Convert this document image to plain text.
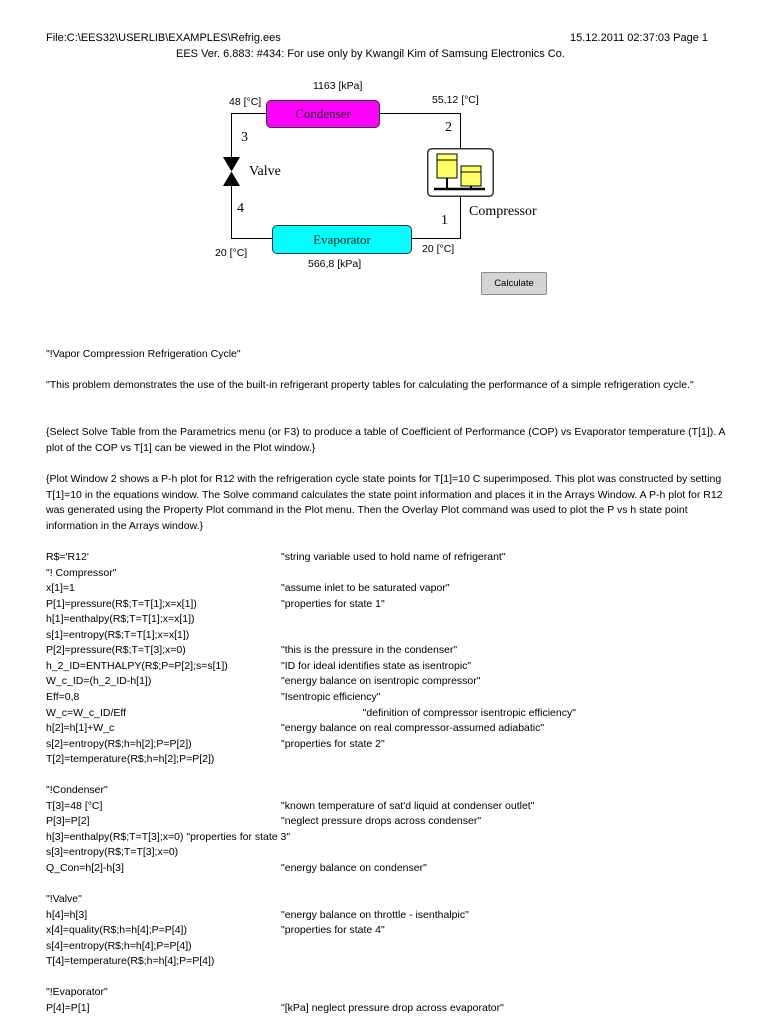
File:C:\EES32\USERLIB\EXAMPLES\Refrig.ees	15.12.2011 02:37:03 Page 1
EES Ver. 6.883: #434: For use only by Kwangil Kim of Samsung Electronics Co.
Condenser
Evaporator
Valve
Compressor
1163 [kPa]
566,8 [kPa]
48 [°C]	55,12 [°C]
20 [°C]	20 [°C]
3
2
4
1
Calculate
"!Vapor Compression Refrigeration Cycle"
"This problem demonstrates the use of the built-in refrigerant property tables for calculating the performance of a simple refrigeration cycle."
{Select Solve Table from the Parametrics menu (or F3) to produce a table of Coefficient of Performance (COP) vs Evaporator temperature (T[1]). A plot of the COP vs T[1] can be viewed in the Plot window.}
{Plot Window 2 shows a P-h plot for R12 with the refrigeration cycle state points for T[1]=10 C superimposed. This plot was constructed by setting T[1]=10 in the equations window. The Solve command calculates the state point information and places it in the Arrays Window. A P-h plot for R12 was generated using the Property Plot command in the Plot menu. Then the Overlay Plot command was used to plot the P vs h state point information in the Arrays window.}
R$='R12'	"string variable used to hold name of refrigerant"
"! Compressor"
x[1]=1	"assume inlet to be saturated vapor"
P[1]=pressure(R$;T=T[1];x=x[1])	"properties for state 1"
h[1]=enthalpy(R$;T=T[1];x=x[1])
s[1]=entropy(R$;T=T[1];x=x[1])
P[2]=pressure(R$;T=T[3];x=0)	"this is the pressure in the condenser"
h_2_ID=ENTHALPY(R$;P=P[2];s=s[1])	"ID for ideal identifies state as isentropic"
W_c_ID=(h_2_ID-h[1])	"energy balance on isentropic compressor"
Eff=0,8	"Isentropic efficiency"
W_c=W_c_ID/Eff	"definition of compressor isentropic efficiency"
h[2]=h[1]+W_c	"energy balance on real compressor-assumed adiabatic"
s[2]=entropy(R$;h=h[2];P=P[2])	"properties for state 2"
T[2]=temperature(R$;h=h[2];P=P[2])
"!Condenser"
T[3]=48 [°C]	"known temperature of sat'd liquid at condenser outlet"
P[3]=P[2]	"neglect pressure drops across condenser"
h[3]=enthalpy(R$;T=T[3];x=0) "properties for state 3"
s[3]=entropy(R$;T=T[3];x=0)
Q_Con=h[2]-h[3]	"energy balance on condenser"
"!Valve"
h[4]=h[3]	"energy balance on throttle - isenthalpic"
x[4]=quality(R$;h=h[4];P=P[4])	"properties for state 4"
s[4]=entropy(R$;h=h[4];P=P[4])
T[4]=temperature(R$;h=h[4];P=P[4])
"!Evaporator"
P[4]=P[1]	"[kPa] neglect pressure drop across evaporator"
